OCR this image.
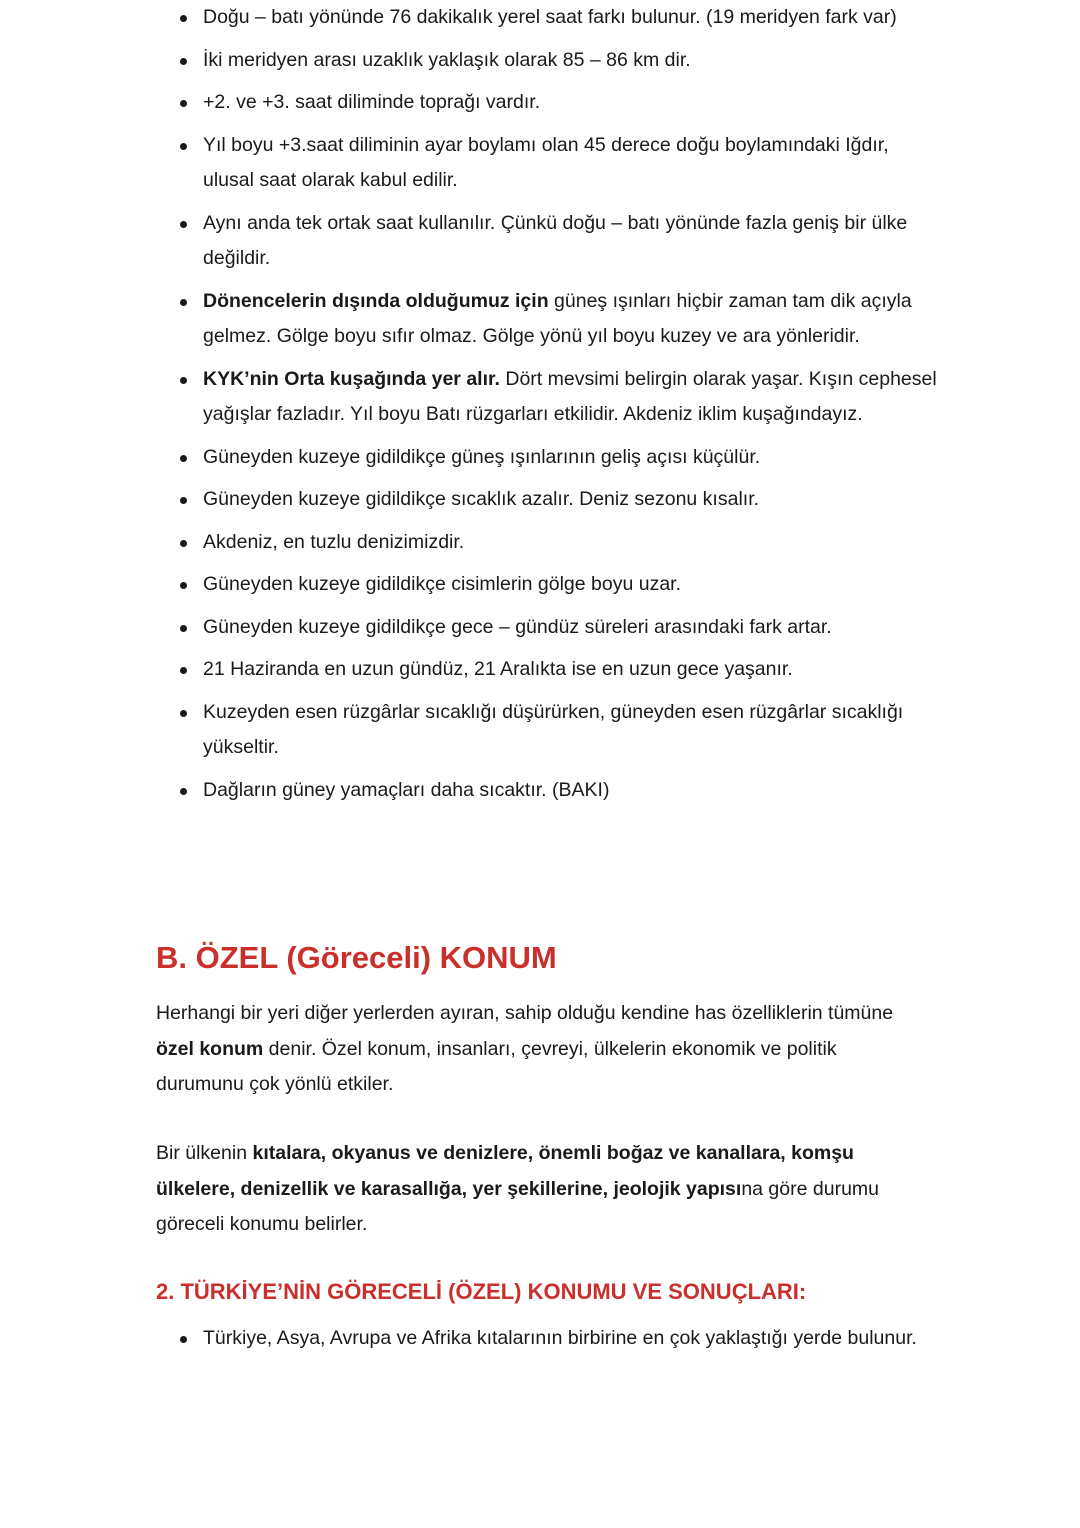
Doğu – batı yönünde 76 dakikalık yerel saat farkı bulunur. (19 meridyen fark var)
İki meridyen arası uzaklık yaklaşık olarak 85 – 86 km dir.
+2. ve +3. saat diliminde toprağı vardır.
Yıl boyu +3.saat diliminin ayar boylamı olan 45 derece doğu boylamındaki Iğdır, ulusal saat olarak kabul edilir.
Aynı anda tek ortak saat kullanılır. Çünkü doğu – batı yönünde fazla geniş bir ülke değildir.
Dönencelerin dışında olduğumuz için güneş ışınları hiçbir zaman tam dik açıyla gelmez. Gölge boyu sıfır olmaz. Gölge yönü yıl boyu kuzey ve ara yönleridir.
KYK’nin Orta kuşağında yer alır. Dört mevsimi belirgin olarak yaşar. Kışın cephesel yağışlar fazladır. Yıl boyu Batı rüzgarları etkilidir. Akdeniz iklim kuşağındayız.
Güneyden kuzeye gidildikçe güneş ışınlarının geliş açısı küçülür.
Güneyden kuzeye gidildikçe sıcaklık azalır. Deniz sezonu kısalır.
Akdeniz, en tuzlu denizimizdir.
Güneyden kuzeye gidildikçe cisimlerin gölge boyu uzar.
Güneyden kuzeye gidildikçe gece – gündüz süreleri arasındaki fark artar.
21 Haziranda en uzun gündüz, 21 Aralıkta ise en uzun gece yaşanır.
Kuzeyden esen rüzgârlar sıcaklığı düşürürken, güneyden esen rüzgârlar sıcaklığı yükseltir.
Dağların güney yamaçları daha sıcaktır. (BAKI)
B. ÖZEL (Göreceli) KONUM

Herhangi bir yeri diğer yerlerden ayıran, sahip olduğu kendine has özelliklerin tümüne özel konum denir. Özel konum, insanları, çevreyi, ülkelerin ekonomik ve politik durumunu çok yönlü etkiler.

Bir ülkenin kıtalara, okyanus ve denizlere, önemli boğaz ve kanallara, komşu ülkelere, denizellik ve karasallığa, yer şekillerine, jeolojik yapısına göre durumu göreceli konumu belirler.

2. TÜRKİYE’NİN GÖRECELİ (ÖZEL) KONUMU VE SONUÇLARI:
Türkiye, Asya, Avrupa ve Afrika kıtalarının birbirine en çok yaklaştığı yerde bulunur.
